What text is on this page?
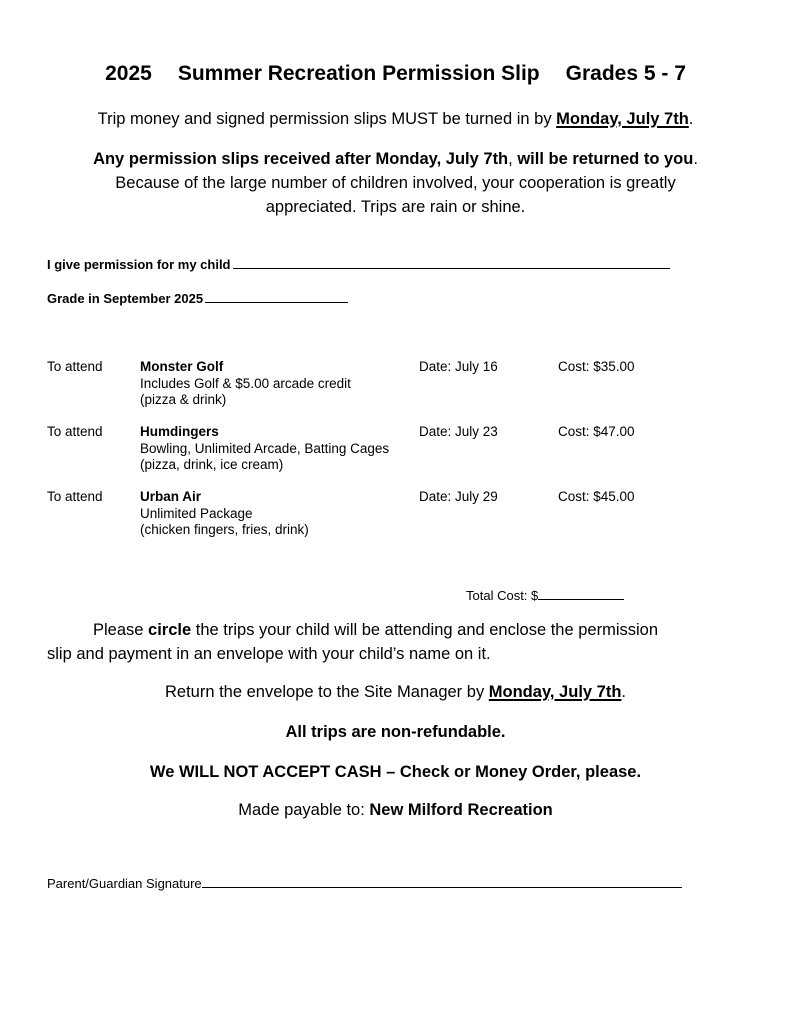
2025 Summer Recreation Permission Slip Grades 5 - 7
Trip money and signed permission slips MUST be turned in by Monday, July 7th.
Any permission slips received after Monday, July 7th, will be returned to you.
Because of the large number of children involved, your cooperation is greatly
appreciated. Trips are rain or shine.
I give permission for my child
Grade in September 2025
To attend	Monster Golf
Includes Golf & $5.00 arcade credit
(pizza & drink)
Date: July 16	Cost: $35.00
To attend	Humdingers
Bowling, Unlimited Arcade, Batting Cages
(pizza, drink, ice cream)
Date: July 23	Cost: $47.00
To attend	Urban Air
Unlimited Package
(chicken fingers, fries, drink)
Date: July 29	Cost: $45.00
Total Cost: $
Please circle the trips your child will be attending and enclose the permission
slip and payment in an envelope with your child’s name on it.
Return the envelope to the Site Manager by Monday, July 7th.
All trips are non-refundable.
We WILL NOT ACCEPT CASH – Check or Money Order, please.
Made payable to: New Milford Recreation
Parent/Guardian Signature
